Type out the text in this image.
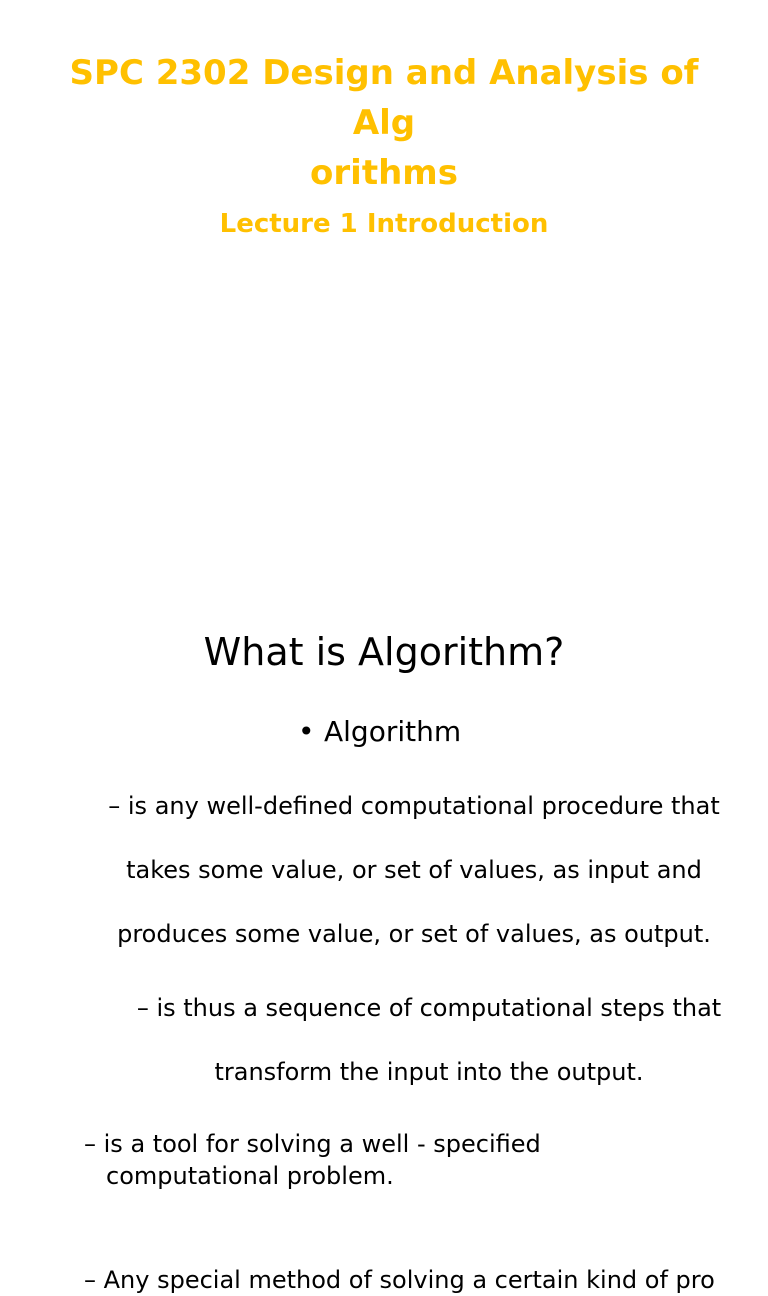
SPC 2302 Design and Analysis of Alg
orithms
Lecture 1 Introduction
What is Algorithm?
• Algorithm

– is any well-defined computational procedure that

takes some value, or set of values, as input and

produces some value, or set of values, as output.

– is thus a sequence of computational steps that

transform the input into the output.

– is a tool for solving a well - specified

computational problem.

– Any special method of solving a certain kind of pro
